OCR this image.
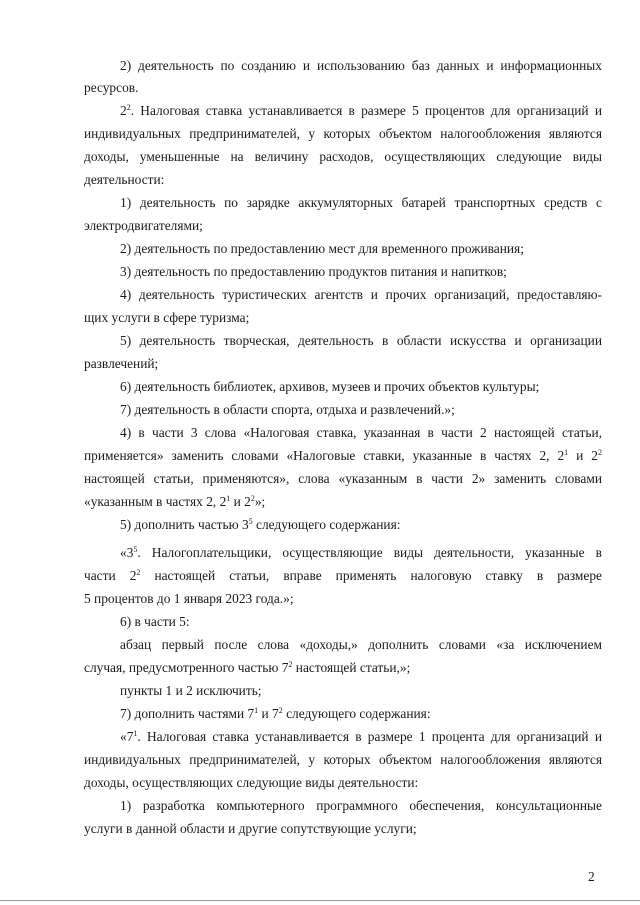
2) деятельность по созданию и использованию баз данных и информационных
ресурсов.
$2^2$. Налоговая ставка устанавливается в размере 5 процентов для организаций и
индивидуальных предпринимателей, у которых объектом налогообложения являются
доходы, уменьшенные на величину расходов, осуществляющих следующие виды
деятельности:
1) деятельность по зарядке аккумуляторных батарей транспортных средств с
электродвигателями;
2) деятельность по предоставлению мест для временного проживания;
3) деятельность по предоставлению продуктов питания и напитков;
4) деятельность туристических агентств и прочих организаций, предоставляю-
щих услуги в сфере туризма;
5) деятельность творческая, деятельность в области искусства и организации
развлечений;
6) деятельность библиотек, архивов, музеев и прочих объектов культуры;
7) деятельность в области спорта, отдыха и развлечений.»;
4) в части 3 слова «Налоговая ставка, указанная в части 2 настоящей статьи,
применяется» заменить словами «Налоговые ставки, указанные в частях 2, $2^1$ и $2^2$
настоящей статьи, применяются», слова «указанным в части 2» заменить словами
«указанным в частях 2, $2^1$ и $2^2$»;
5) дополнить частью $3^5$ следующего содержания:
«$3^5$. Налогоплательщики, осуществляющие виды деятельности, указанные в
части $2^2$ настоящей статьи, вправе применять налоговую ставку в размере
5 процентов до 1 января 2023 года.»;
6) в части 5:
абзац первый после слова «доходы,» дополнить словами «за исключением
случая, предусмотренного частью $7^2$ настоящей статьи,»;
пункты 1 и 2 исключить;
7) дополнить частями $7^1$ и $7^2$ следующего содержания:
«$7^1$. Налоговая ставка устанавливается в размере 1 процента для организаций и
индивидуальных предпринимателей, у которых объектом налогообложения являются
доходы, осуществляющих следующие виды деятельности:
1) разработка компьютерного программного обеспечения, консультационные
услуги в данной области и другие сопутствующие услуги;
2
